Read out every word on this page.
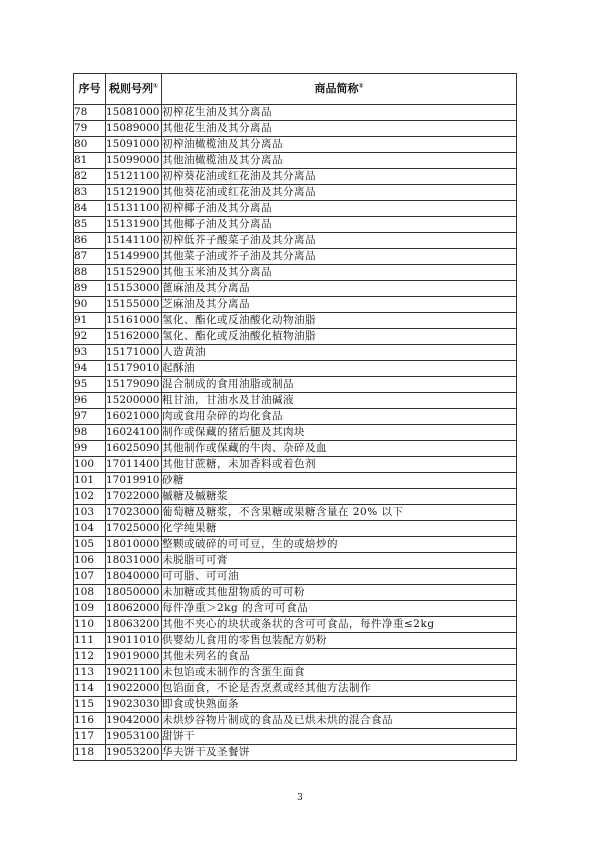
序号	税则号列①	商品简称②
78	15081000	初榨花生油及其分离品
79	15089000	其他花生油及其分离品
80	15091000	初榨油橄榄油及其分离品
81	15099000	其他油橄榄油及其分离品
82	15121100	初榨葵花油或红花油及其分离品
83	15121900	其他葵花油或红花油及其分离品
84	15131100	初榨椰子油及其分离品
85	15131900	其他椰子油及其分离品
86	15141100	初榨低芥子酸菜子油及其分离品
87	15149900	其他菜子油或芥子油及其分离品
88	15152900	其他玉米油及其分离品
89	15153000	蓖麻油及其分离品
90	15155000	芝麻油及其分离品
91	15161000	氢化、酯化或反油酸化动物油脂
92	15162000	氢化、酯化或反油酸化植物油脂
93	15171000	人造黄油
94	15179010	起酥油
95	15179090	混合制成的食用油脂或制品
96	15200000	粗甘油，甘油水及甘油碱液
97	16021000	肉或食用杂碎的均化食品
98	16024100	制作或保藏的猪后腿及其肉块
99	16025090	其他制作或保藏的牛肉、杂碎及血
100	17011400	其他甘蔗糖，未加香料或着色剂
101	17019910	砂糖
102	17022000	槭糖及槭糖浆
103	17023000	葡萄糖及糖浆，不含果糖或果糖含量在 20% 以下
104	17025000	化学纯果糖
105	18010000	整颗或破碎的可可豆，生的或焙炒的
106	18031000	未脱脂可可膏
107	18040000	可可脂、可可油
108	18050000	未加糖或其他甜物质的可可粉
109	18062000	每件净重＞2kg 的含可可食品
110	18063200	其他不夹心的块状或条状的含可可食品，每件净重≤2kg
111	19011010	供婴幼儿食用的零售包装配方奶粉
112	19019000	其他未列名的食品
113	19021100	未包馅或未制作的含蛋生面食
114	19022000	包馅面食，不论是否烹煮或经其他方法制作
115	19023030	即食或快熟面条
116	19042000	未烘炒谷物片制成的食品及已烘未烘的混合食品
117	19053100	甜饼干
118	19053200	华夫饼干及圣餐饼
3
